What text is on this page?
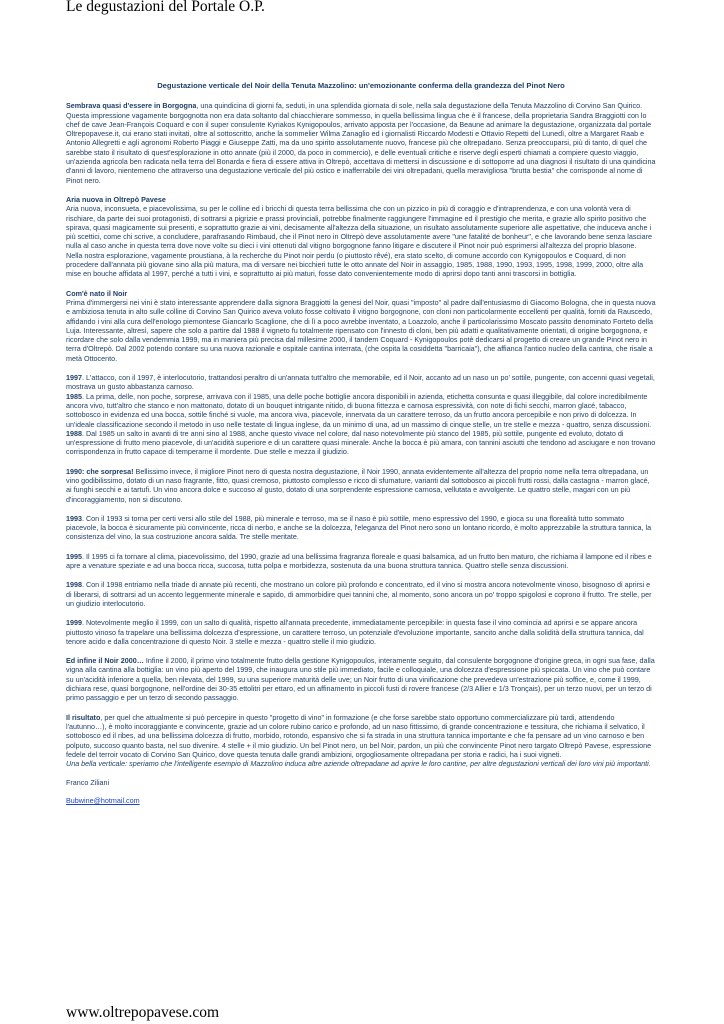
Le degustazioni del Portale O.P.
Degustazione verticale del Noir della Tenuta Mazzolino: un'emozionante conferma della grandezza del Pinot Nero

Sembrava quasi d'essere in Borgogna, una quindicina di giorni fa, seduti, in una splendida giornata di sole, nella sala degustazione della Tenuta Mazzolino di Corvino San Quirico. Questa impressione vagamente borgognotta non era data soltanto dal chiacchierare sommesso, in quella bellissima lingua che è il francese, della proprietaria Sandra Braggiotti con lo chef de cave Jean-François Coquard e con il super consulente Kyriakos Kynigopoulos, arrivato apposta per l'occasione, da Beaune ad animare la degustazione, organizzata dal portale Oltrepopavese.it, cui erano stati invitati, oltre al sottoscritto, anche la sommelier Wilma Zanaglio ed i giornalisti Riccardo Modesti e Ottavio Repetti del Lunedì, oltre a Margaret Raab e Antonio Allegretti e agli agronomi Roberto Piaggi e Giuseppe Zatti, ma da uno spirito assolutamente nuovo, francese più che oltrepadano. Senza preoccuparsi, più di tanto, di quel che sarebbe stato il risultato di quest'esplorazione in otto annate (più il 2000, da poco in commercio), e delle eventuali critiche e riserve degli esperti chiamati a compiere questo viaggio, un'azienda agricola ben radicata nella terra del Bonarda e fiera di essere attiva in Oltrepò, accettava di mettersi in discussione e di sottoporre ad una diagnosi il risultato di una quindicina d'anni di lavoro, nientemeno che attraverso una degustazione verticale del più ostico e inafferrabile dei vini oltrepadani, quella meravigliosa "brutta bestia" che corrisponde al nome di Pinot nero.

Aria nuova in Oltrepò Pavese

Aria nuova, inconsueta, e piacevolissima, su per le colline ed i bricchi di questa terra bellissima che con un pizzico in più di coraggio e d'intraprendenza, e con una volontà vera di rischiare, da parte dei suoi protagonisti, di sottrarsi a pigrizie e prassi provinciali, potrebbe finalmente raggiungere l'immagine ed il prestigio che merita, e grazie allo spirito positivo che spirava, quasi magicamente sui presenti, e soprattutto grazie ai vini, decisamente all'altezza della situazione, un risultato assolutamente superiore alle aspettative, che induceva anche i più scettici, come chi scrive, a concludere, parafrasando Rimbaud, che il Pinot nero in Oltrepò deve assolutamente avere "une fatalité de bonheur", e che lavorando bene senza lasciare nulla al caso anche in questa terra dove nove volte su dieci i vini ottenuti dal vitigno borgognone fanno litigare e discutere il Pinot noir può esprimersi all'altezza del proprio blasone.

Nella nostra esplorazione, vagamente proustiana, à la recherche du Pinot noir perdu (o piuttosto rêvé), era stato scelto, di comune accordo con Kynigopoulos e Coquard, di non procedere dall'annata più giovane sino alla più matura, ma di versare nei bicchieri tutte le otto annate del Noir in assaggio, 1985, 1988, 1990, 1993, 1995, 1998, 1999, 2000, oltre alla mise en bouche affidata al 1997, perché a tutti i vini, e soprattutto ai più maturi, fosse dato convenientemente modo di aprirsi dopo tanti anni trascorsi in bottiglia.

Com'è nato il Noir

Prima d'immergersi nei vini è stato interessante apprendere dalla signora Braggiotti la genesi del Noir, quasi "imposto" al padre dall'entusiasmo di Giacomo Bologna, che in questa nuova e ambiziosa tenuta in alto sulle colline di Corvino San Quirico aveva voluto fosse coltivato il vitigno borgognone, con cloni non particolarmente eccellenti per qualità, forniti da Rauscedo, affidando i vini alla cura dell'enologo piemontese Giancarlo Scaglione, che di lì a poco avrebbe inventato, a Loazzolo, anche il particolarissimo Moscato passito denominato Forteto della Luja. Interessante, altresì, sapere che solo a partire dal 1988 il vigneto fu totalmente ripensato con l'innesto di cloni, ben più adatti e qualitativamente orientati, di origine borgognona, e ricordare che solo dalla vendemmia 1999, ma in maniera più precisa dal millesime 2000, il tandem Coquard - Kynigopoulos potè dedicarsi al progetto di creare un grande Pinot nero in terra d'Oltrepò. Dal 2002 potendo contare su una nuova razionale e ospitale cantina interrata, (che ospita la cosiddetta "barricaia"), che affianca l'antico nucleo della cantina, che risale a metà Ottocento.

1997. L'attacco, con il 1997, è interlocutorio, trattandosi peraltro di un'annata tutt'altro che memorabile, ed il Noir, accanto ad un naso un po' sottile, pungente, con accenni quasi vegetali, mostrava un gusto abbastanza carnoso.

1985. La prima, delle, non poche, sorprese, arrivava con il 1985, una delle poche bottiglie ancora disponibili in azienda, etichetta consunta e quasi illeggibile, dal colore incredibilmente ancora vivo, tutt'altro che stanco e non mattonato, dotato di un bouquet intrigante nitido, di buona fittezza e carnosa espressività, con note di fichi secchi, marron glacé, tabacco, sottobosco in evidenza ed una bocca, sottile finché si vuole, ma ancora viva, piacevole, innervata da un carattere terroso, da un frutto ancora percepibile e non privo di dolcezza. In un'ideale classificazione secondo il metodo in uso nelle testate di lingua inglese, da un minimo di una, ad un massimo di cinque stelle, un tre stelle e mezza - quattro, senza discussioni.

1988. Dal 1985 un salto in avanti di tre anni sino al 1988, anche questo vivace nel colore, dal naso notevolmente più stanco del 1985, più sottile, pungente ed evoluto, dotato di un'espressione di frutto meno piacevole, di un'acidità superiore e di un carattere quasi minerale. Anche la bocca è più amara, con tannini asciutti che tendono ad asciugare e non trovano corrispondenza in frutto capace di temperarne il mordente. Due stelle e mezza il giudizio.

1990: che sorpresa! Bellissimo invece, il migliore Pinot nero di questa nostra degustazione, il Noir 1990, annata evidentemente all'altezza del proprio nome nella terra oltrepadana, un vino godibilissimo, dotato di un naso fragrante, fitto, quasi cremoso, piuttosto complesso e ricco di sfumature, varianti dal sottobosco ai piccoli frutti rossi, dalla castagna - marron glacé, ai funghi secchi e ai tartufi. Un vino ancora dolce e succoso al gusto, dotato di una sorprendente espressione carnosa, vellutata e avvolgente. Le quattro stelle, magari con un più d'incoraggiamento, non si discutono.

1993. Con il 1993 si torna per certi versi allo stile del 1988, più minerale e terroso, ma se il naso è più sottile, meno espressivo del 1990, e gioca su una florealità tutto sommato piacevole, la bocca è sicuramente più convincente, ricca di nerbo, e anche se la dolcezza, l'eleganza del Pinot nero sono un lontano ricordo, è molto apprezzabile la struttura tannica, la consistenza del vino, la sua costruzione ancora salda. Tre stelle meritate.

1995. Il 1995 ci fa tornare al clima, piacevolissimo, del 1990, grazie ad una bellissima fragranza floreale e quasi balsamica, ad un frutto ben maturo, che richiama il lampone ed il ribes e apre a venature speziate e ad una bocca ricca, succosa, tutta polpa e morbidezza, sostenuta da una buona struttura tannica. Quattro stelle senza discussioni.

1998. Con il 1998 entriamo nella triade di annate più recenti, che mostrano un colore più profondo e concentrato, ed il vino si mostra ancora notevolmente vinoso, bisognoso di aprirsi e di liberarsi, di sottrarsi ad un accento leggermente minerale e sapido, di ammorbidire quei tannini che, al momento, sono ancora un po' troppo spigolosi e coprono il frutto. Tre stelle, per un giudizio interlocutorio.

1999. Notevolmente meglio il 1999, con un salto di qualità, rispetto all'annata precedente, immediatamente percepibile: in questa fase il vino comincia ad aprirsi e se appare ancora piuttosto vinoso fa trapelare una bellissima dolcezza d'espressione, un carattere terroso, un potenziale d'evoluzione importante, sancito anche dalla solidità della struttura tannica, dal tenore acido e dalla concentrazione di questo Noir. 3 stelle e mezza - quattro stelle il mio giudizio.

Ed infine il Noir 2000… Infine il 2000, il primo vino totalmente frutto della gestione Kynigopoulos, interamente seguito, dal consulente borgognone d'origine greca, in ogni sua fase, dalla vigna alla cantina alla bottiglia: un vino più aperto del 1999, che inaugura uno stile più immediato, facile e colloquiale, una dolcezza d'espressione più spiccata. Un vino che può contare su un'acidità inferiore a quella, ben rilevata, del 1999, su una superiore maturità delle uve; un Noir frutto di una vinificazione che prevedeva un'estrazione più soffice, e, come il 1999, dichiara rese, quasi borgognone, nell'ordine dei 30-35 ettolitri per ettaro, ed un affinamento in piccoli fusti di rovere francese (2/3 Allier e 1/3 Tronçais), per un terzo nuovi, per un terzo di primo passaggio e per un terzo di secondo passaggio.

Il risultato, per quel che attualmente si può percepire in questo "progetto di vino" in formazione (e che forse sarebbe stato opportuno commercializzare più tardi, attendendo l'autunno…), è molto incoraggiante e convincente, grazie ad un colore rubino carico e profondo, ad un naso fittissimo, di grande concentrazione e tessitura, che richiama il selvatico, il sottobosco ed il ribes, ad una bellissima dolcezza di frutto, morbido, rotondo, espansivo che si fa strada in una struttura tannica importante e che fa pensare ad un vino carnoso e ben polputo, succoso quanto basta, nel suo divenire. 4 stelle + il mio giudizio. Un bel Pinot nero, un bel Noir, pardon, un più che convincente Pinot nero targato Oltrepò Pavese, espressione fedele del terroir vocato di Corvino San Quirico, dove questa tenuta dalle grandi ambizioni, orgogliosamente oltrepadana per storia e radici, ha i suoi vigneti.

Una bella verticale: speriamo che l'intelligente esempio di Mazzolino induca altre aziende oltrepadane ad aprire le loro cantine, per altre degustazioni verticali dei loro vini più importanti.

Franco Ziliani

Bubwine@hotmail.com

www.oltrepopavese.com
